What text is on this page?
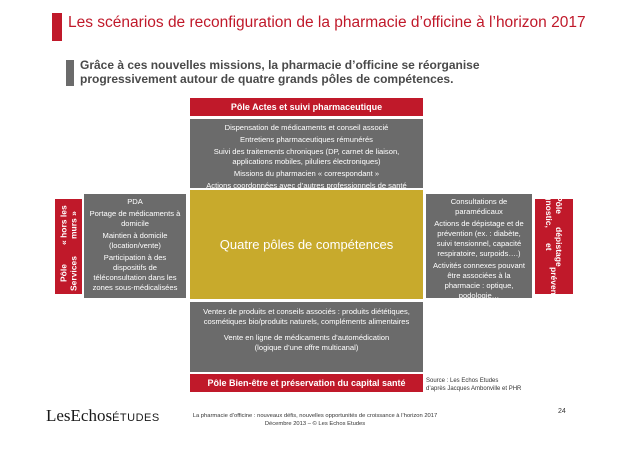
Les scénarios de reconfiguration de la pharmacie d’officine à l’horizon 2017
Grâce à ces nouvelles missions, la pharmacie d’officine se réorganise
progressivement autour de quatre grands pôles de compétences.
Pôle Actes et suivi pharmaceutique
Dispensation de médicaments et conseil associé
Entretiens pharmaceutiques rémunérés
Suivi des traitements chroniques (DP, carnet de liaison, applications mobiles, piluliers électroniques)
Missions du pharmacien « correspondant »
Actions coordonnées avec d’autres professionnels de santé
Pôle Services
« hors les murs »
PDA
Portage de médicaments à domicile
Maintien à domicile (location/vente)
Participation à des dispositifs de téléconsultation dans les zones sous-médicalisées
Quatre pôles de compétences
Consultations de paramédicaux
Actions de dépistage et de prévention (ex. : diabète, suivi tensionnel, capacité respiratoire, surpoids….)
Activités connexes pouvant être associées à la pharmacie : optique, podologie…
Pôle diagnostic,
dépistage et
prévention
Ventes de produits et conseils associés : produits diététiques, cosmétiques bio/produits naturels, compléments alimentaires
Vente en ligne de médicaments d’automédication (logique d’une offre multicanal)
Pôle Bien-être et préservation du capital santé	Source : Les Echos Etudes
d’après Jacques Ambonville et PHR
LesEchosÉTUDES	La pharmacie d’officine : nouveaux défis, nouvelles opportunités de croissance à l’horizon 2017
Décembre 2013 – © Les Echos Etudes
24
